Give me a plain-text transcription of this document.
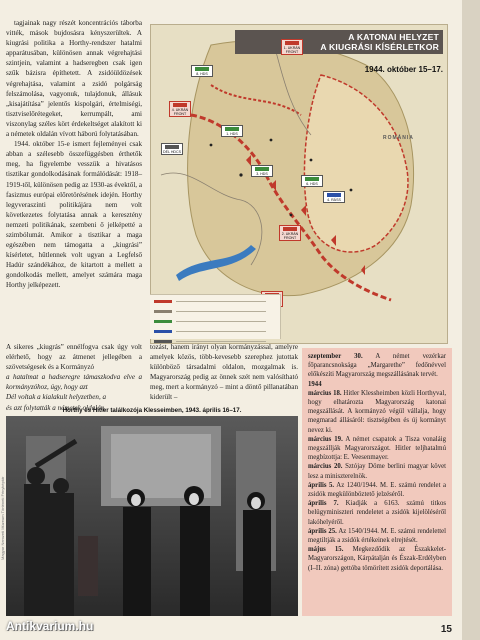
tagjainak nagy részét koncentrációs táborba vitték, mások bujdosásra kényszerültek. A kiugrási politika a Horthy-rendszer hatalmi apparátusában, különösen annak végrehajtási szintjein, valamint a hadseregben csak igen szűk bázisra építhetett. A zsidóüldözések végrehajtása, valamint a zsidó polgárság felszámolása, vagyonuk, tulajdonuk, állásuk „kisajátítása” jelentős kispolgári, értelmiségi, tisztviselőrétegeket, kerrumpált, ami viszonylag széles kört érdekeltséget alakított ki a németek oldalán vívott háború folytatásában.

1944. október 15-e ismert fejleményei csak abban a szélesebb összefüggésben érthetők meg, ha figyelembe vesszük a hivatásos tisztikar gondolkodásának formálódását: 1918–1919-től, különösen pedig az 1930-as évektől, a fasizmus európai előretörésének idején. Horthy legyveraszinti politikájára nem volt következetes folytatása annak a keresztény nemzeti politikának, szembeni ő jelképetté a szimbólumát. Amikor a tisztikar a maga egészében nem támogatta a „kiugrási” kísérletet, hűtlennek volt ugyan a Legfelső Hadúr szándékához, de kitartott a mellett a gondolkodás mellett, amelyet számára maga Horthy jelképezett.

A KATONAI HELYZET
A KIUGRÁSI KÍSÉRLETKOR
1944. október 15–17.
ROMÁNIA
1. UKRÁN FRONT
4. UKRÁN FRONT
1. HDS
8. HDS
DÉL HDCS
3. HDS
2. UKRÁN FRONT
6. HDS
4. RÁSS

A sikeres „kiugrás” ennélfogva csak úgy volt elérhető, hogy az átmenet jellegében a szövetségesek és a Kormányzó

a hatalmat a hadseregre támaszkodva elve a kormányzóhoz, úgy, hogy azt

Dél voltak a kialakult helyzetben, a

és azt folytatták a németek oldalán.

tozást, hanem irányt olyan kormányzással, amelyre amelyek közös, több-kevesebb szerephez jutottak különböző társadalmi oldalon, mozgalmak is. Magyarország pedig az önnek szét nem valósítható meg, mert a kormányzó – mint a döntő pillanatában kiderült –

Horthy és Hitler találkozója Klesseimben, 1943. április 16–17.
Magyar Nemzeti Múzeum Történeti Fényképtár

szeptember 30. A német vezérkar főparancsnoksága „Margarethe” fedőnévvel előkészíti Magyarország megszállásának tervét.

1944

március 18. Hitler Klessheimben közli Horthyval, hogy elhatározta Magyarország katonai megszállását. A kormányzó végül vállalja, hogy megmarad állásáról: tisztségében és új kormányt nevez ki.

március 19. A német csapatok a Tisza vonaláig megszállják Magyarországot. Hitler teljhatalmú megbízottja: E. Veesenmayer.

március 20. Sztójay Döme berlini magyar követ lesz a miniszterelnök.

április 5. Az 1240/1944. M. E. számú rendelet a zsidók megkülönböztető jelzéséről.

április 7. Kiadják a 6163. számú titkos belügyminiszteri rendeletet a zsidók kijelöléséről lakóhelyéről.

április 25. Az 1540/1944. M. E. számú rendelettel megtiltják a zsidók értékeinek elrejtését.

május 15. Megkezdődik az Északkelet-Magyarországon, Kárpátalján és Észak-Erdélyben (I–II. zóna) gettóba tömörített zsidók deportálása.

Antikvarium.hu	15
